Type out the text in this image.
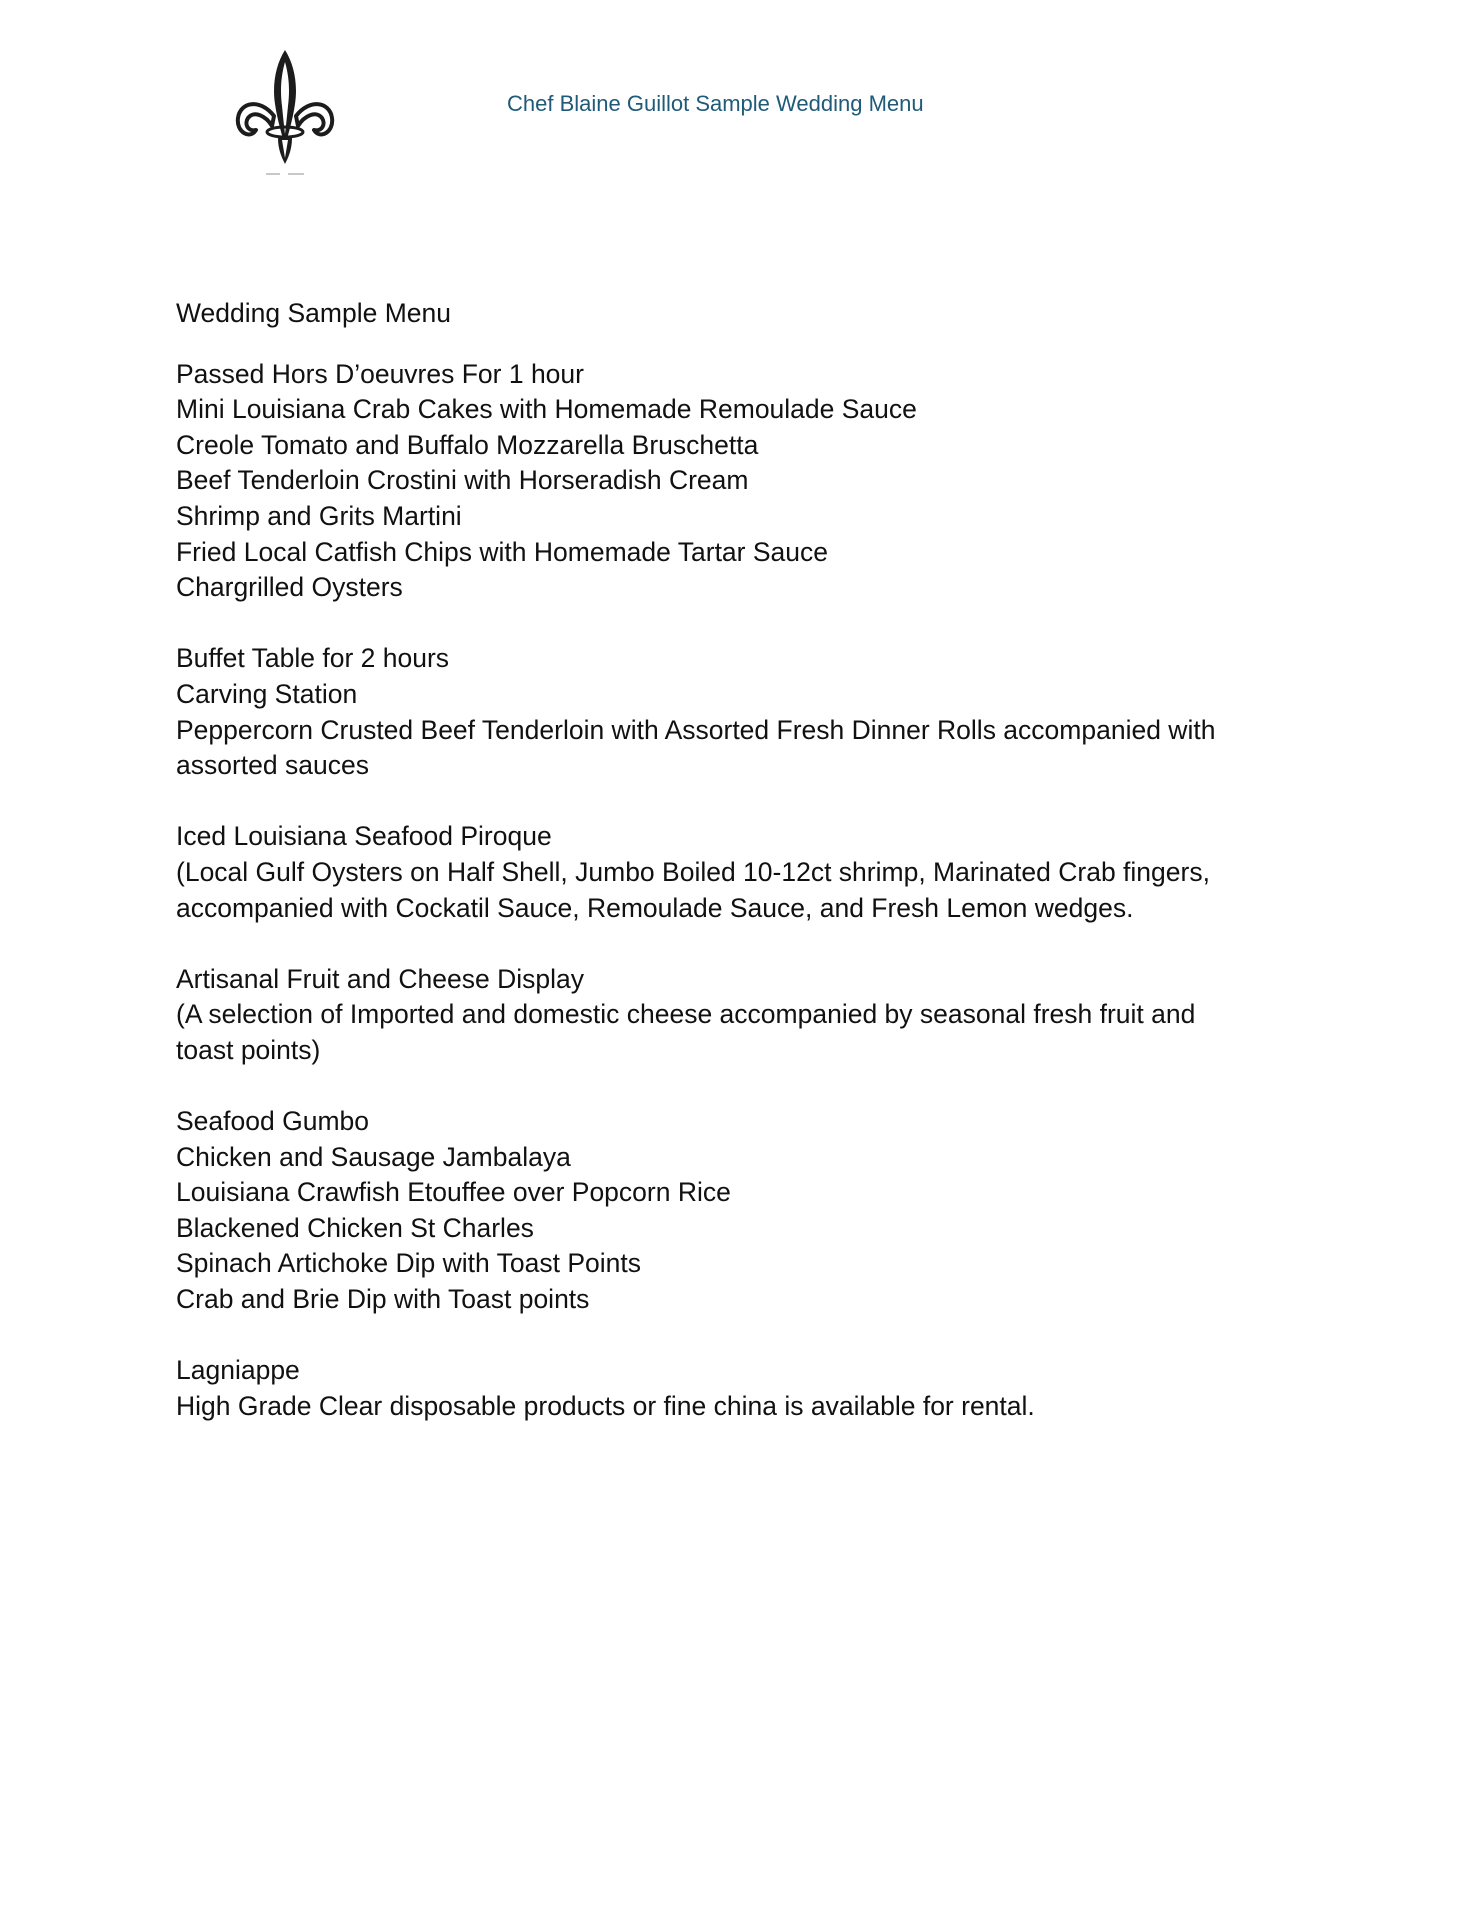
Chef Blaine Guillot Sample Wedding Menu
Wedding Sample Menu
Passed Hors D’oeuvres For 1 hour
Mini Louisiana Crab Cakes with Homemade Remoulade Sauce
Creole Tomato and Buffalo Mozzarella Bruschetta
Beef Tenderloin Crostini with Horseradish Cream
Shrimp and Grits Martini
Fried Local Catfish Chips with Homemade Tartar Sauce
Chargrilled Oysters
Buffet Table for 2 hours
Carving Station
Peppercorn Crusted Beef Tenderloin with Assorted Fresh Dinner Rolls accompanied with
assorted sauces
Iced Louisiana Seafood Piroque
(Local Gulf Oysters on Half Shell, Jumbo Boiled 10-12ct shrimp, Marinated Crab fingers,
accompanied with Cockatil Sauce, Remoulade Sauce, and Fresh Lemon wedges.
Artisanal Fruit and Cheese Display
(A selection of Imported and domestic cheese accompanied by seasonal fresh fruit and
toast points)
Seafood Gumbo
Chicken and Sausage Jambalaya
Louisiana Crawfish Etouffee over Popcorn Rice
Blackened Chicken St Charles
Spinach Artichoke Dip with Toast Points
Crab and Brie Dip with Toast points
Lagniappe
High Grade Clear disposable products or fine china is available for rental.
